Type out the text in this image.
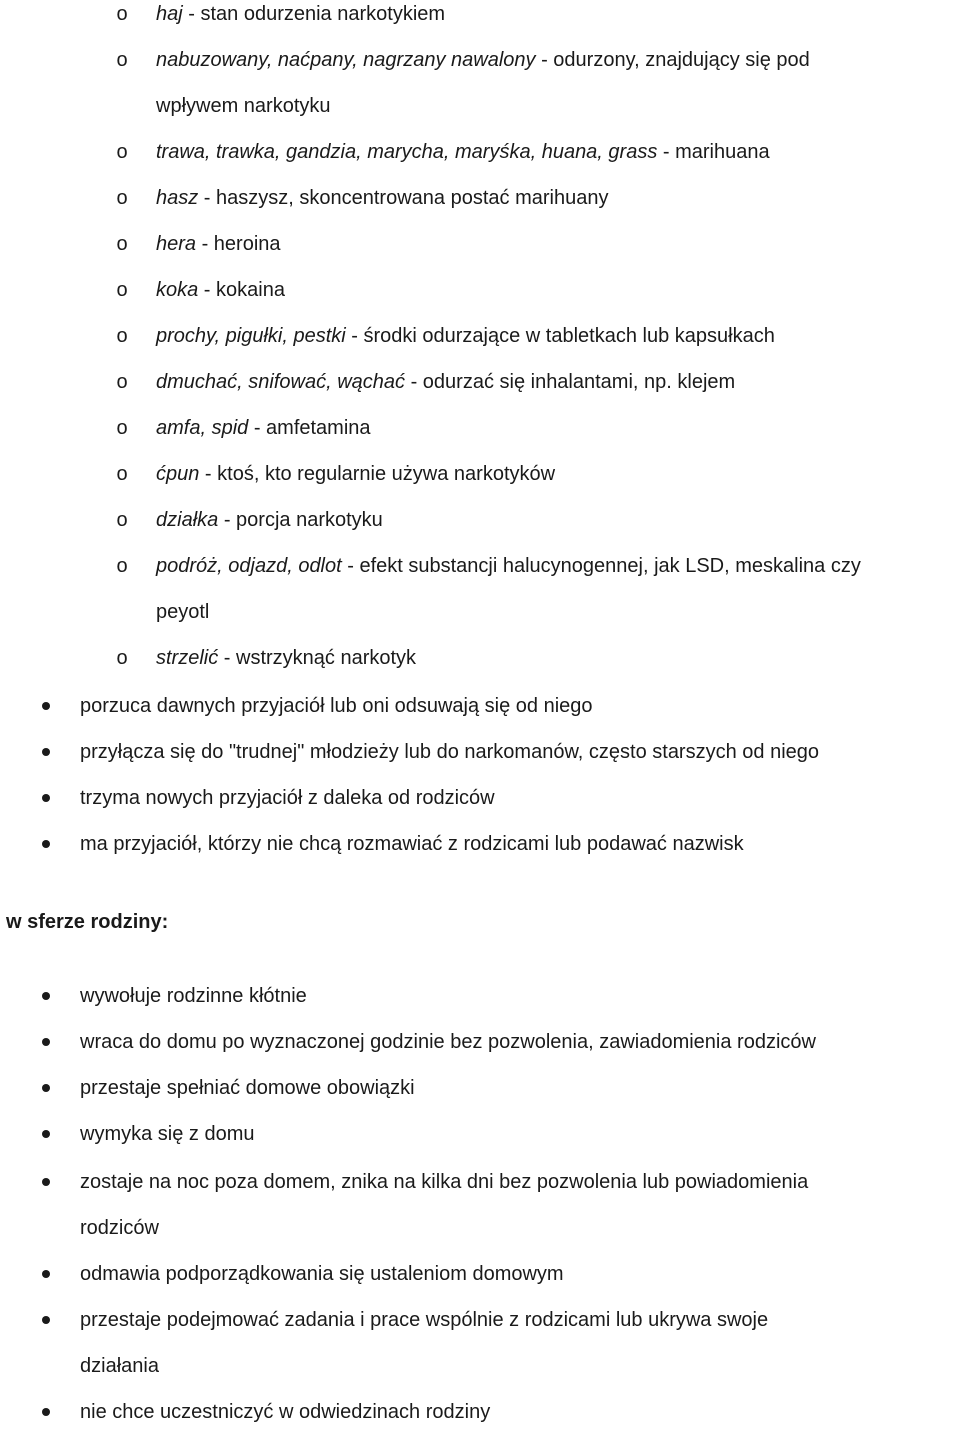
o haj - stan odurzenia narkotykiem
o nabuzowany, naćpany, nagrzany nawalony - odurzony, znajdujący się pod
wpływem narkotyku
o trawa, trawka, gandzia, marycha, maryśka, huana, grass - marihuana
o hasz - haszysz, skoncentrowana postać marihuany
o hera - heroina
o koka - kokaina
o prochy, pigułki, pestki - środki odurzające w tabletkach lub kapsułkach
o dmuchać, snifować, wąchać - odurzać się inhalantami, np. klejem
o amfa, spid - amfetamina
o ćpun - ktoś, kto regularnie używa narkotyków
o działka - porcja narkotyku
o podróż, odjazd, odlot - efekt substancji halucynogennej, jak LSD, meskalina czy
peyotl
o strzelić - wstrzyknąć narkotyk
porzuca dawnych przyjaciół lub oni odsuwają się od niego
przyłącza się do "trudnej" młodzieży lub do narkomanów, często starszych od niego
trzyma nowych przyjaciół z daleka od rodziców
ma przyjaciół, którzy nie chcą rozmawiać z rodzicami lub podawać nazwisk
w sferze rodziny:
wywołuje rodzinne kłótnie
wraca do domu po wyznaczonej godzinie bez pozwolenia, zawiadomienia rodziców
przestaje spełniać domowe obowiązki
wymyka się z domu
zostaje na noc poza domem, znika na kilka dni bez pozwolenia lub powiadomienia
rodziców
odmawia podporządkowania się ustaleniom domowym
przestaje podejmować zadania i prace wspólnie z rodzicami lub ukrywa swoje
działania
nie chce uczestniczyć w odwiedzinach rodziny
